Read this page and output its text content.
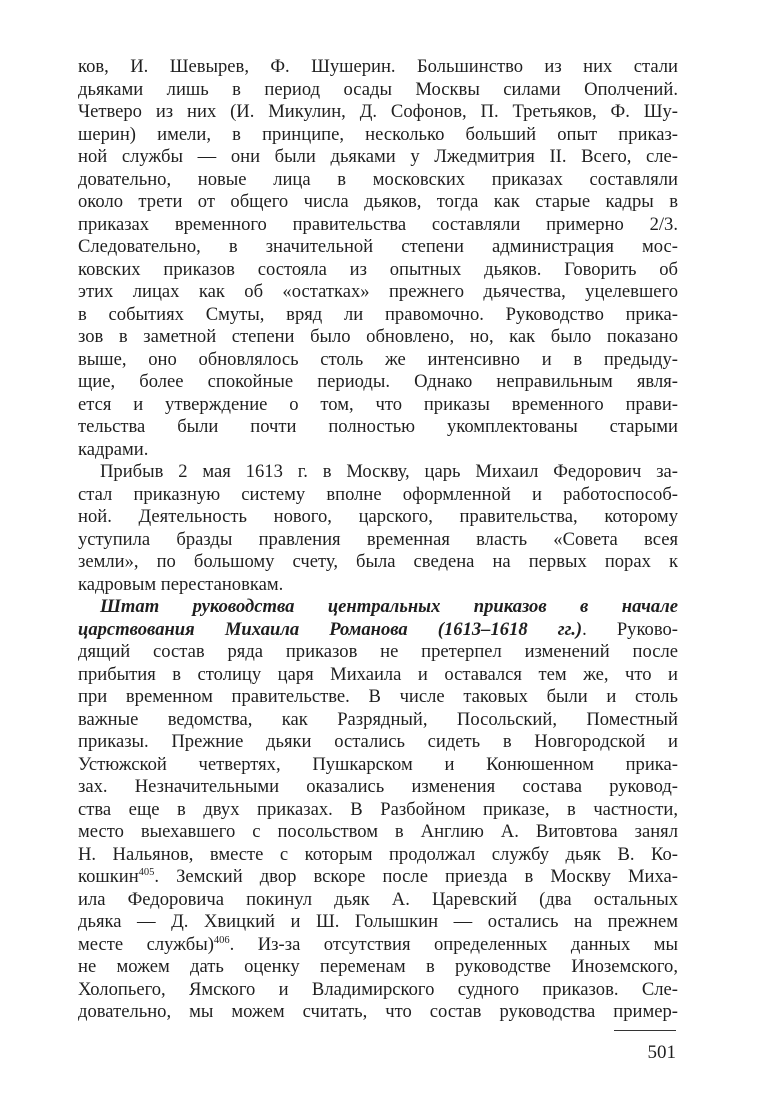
ков, И. Шевырев, Ф. Шушерин. Большинство из них стали
дьяками лишь в период осады Москвы силами Ополчений.
Четверо из них (И. Микулин, Д. Софонов, П. Третьяков, Ф. Шу-
шерин) имели, в принципе, несколько больший опыт приказ-
ной службы — они были дьяками у Лжедмитрия II. Всего, сле-
довательно, новые лица в московских приказах составляли
около трети от общего числа дьяков, тогда как старые кадры в
приказах временного правительства составляли примерно 2/3.
Следовательно, в значительной степени администрация мос-
ковских приказов состояла из опытных дьяков. Говорить об
этих лицах как об «остатках» прежнего дьячества, уцелевшего
в событиях Смуты, вряд ли правомочно. Руководство прика-
зов в заметной степени было обновлено, но, как было показано
выше, оно обновлялось столь же интенсивно и в предыду-
щие, более спокойные периоды. Однако неправильным явля-
ется и утверждение о том, что приказы временного прави-
тельства были почти полностью укомплектованы старыми
кадрами.
Прибыв 2 мая 1613 г. в Москву, царь Михаил Федорович за-
стал приказную систему вполне оформленной и работоспособ-
ной. Деятельность нового, царского, правительства, которому
уступила бразды правления временная власть «Совета всея
земли», по большому счету, была сведена на первых порах к
кадровым перестановкам.
Штат руководства центральных приказов в начале
царствования Михаила Романова (1613–1618 гг.). Руково-
дящий состав ряда приказов не претерпел изменений после
прибытия в столицу царя Михаила и оставался тем же, что и
при временном правительстве. В числе таковых были и столь
важные ведомства, как Разрядный, Посольский, Поместный
приказы. Прежние дьяки остались сидеть в Новгородской и
Устюжской четвертях, Пушкарском и Конюшенном прика-
зах. Незначительными оказались изменения состава руковод-
ства еще в двух приказах. В Разбойном приказе, в частности,
место выехавшего с посольством в Англию А. Витовтова занял
Н. Нальянов, вместе с которым продолжал службу дьяк В. Ко-
кошкин$^{405}$. Земский двор вскоре после приезда в Москву Миха-
ила Федоровича покинул дьяк А. Царевский (два остальных
дьяка — Д. Хвицкий и Ш. Голышкин — остались на прежнем
месте службы)$^{406}$. Из-за отсутствия определенных данных мы
не можем дать оценку переменам в руководстве Иноземского,
Холопьего, Ямского и Владимирского судного приказов. Сле-
довательно, мы можем считать, что состав руководства пример-
501
